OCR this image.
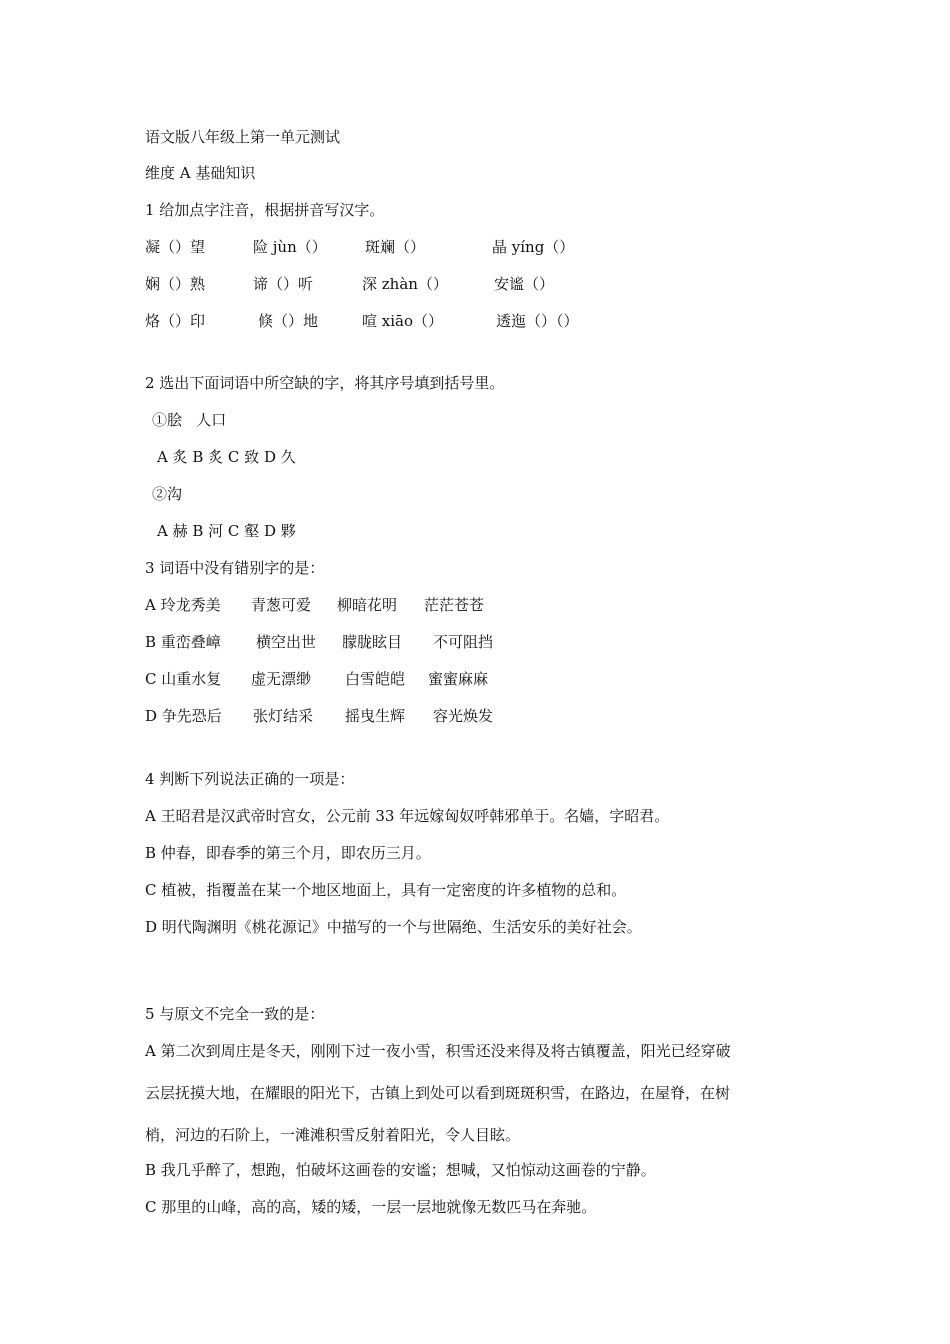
语文版八年级上第一单元测试
维度 A 基础知识
1 给加点字注音，根据拼音写汉字。
凝（）望	险 jùn（）	斑斓（）	晶 yíng（）
娴（）熟	谛（）听	深 zhàn（）	安谧（）
烙（）印	倏（）地	喧 xiāo（）	透迤（）（）
2 选出下面词语中所空缺的字，将其序号填到括号里。
①脍   人口
A 炙 B 炙 C 致 D 久
②沟
A 赫 B 河 C 壑 D 夥
3 词语中没有错别字的是：
A 玲龙秀美 青葱可爱 柳暗花明 茫茫苍苍
B 重峦叠嶂 横空出世 朦胧眩目 不可阻挡
C 山重水复 虚无漂缈 白雪皑皑 蜜蜜麻麻
D 争先恐后 张灯结采 摇曳生辉 容光焕发
4 判断下列说法正确的一项是：
A 王昭君是汉武帝时宫女，公元前 33 年远嫁匈奴呼韩邪单于。名嫱，字昭君。
B 仲春，即春季的第三个月，即农历三月。
C 植被，指覆盖在某一个地区地面上，具有一定密度的许多植物的总和。
D 明代陶渊明《桃花源记》中描写的一个与世隔绝、生活安乐的美好社会。
5 与原文不完全一致的是：
A 第二次到周庄是冬天，刚刚下过一夜小雪，积雪还没来得及将古镇覆盖，阳光已经穿破
云层抚摸大地，在耀眼的阳光下，古镇上到处可以看到斑斑积雪，在路边，在屋脊，在树
梢，河边的石阶上，一滩滩积雪反射着阳光，令人目眩。
B 我几乎醉了，想跑，怕破坏这画卷的安谧；想喊，又怕惊动这画卷的宁静。
C 那里的山峰，高的高，矮的矮，一层一层地就像无数匹马在奔驰。
